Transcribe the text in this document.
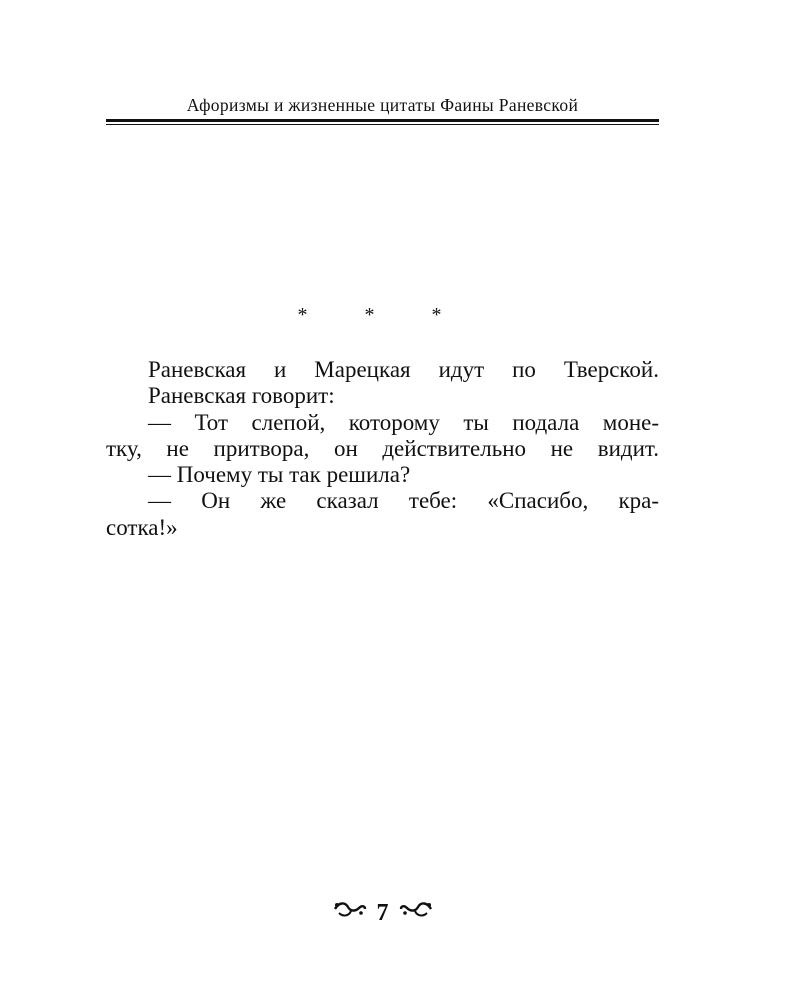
Афоризмы и жизненные цитаты Фаины Раневской
* * *
Раневская и Марецкая идут по Тверской.
Раневская говорит:
— Тот слепой, которому ты подала моне-
тку, не притвора, он действительно не видит.
— Почему ты так решила?
— Он же сказал тебе: «Спасибо, кра-
сотка!»
7
